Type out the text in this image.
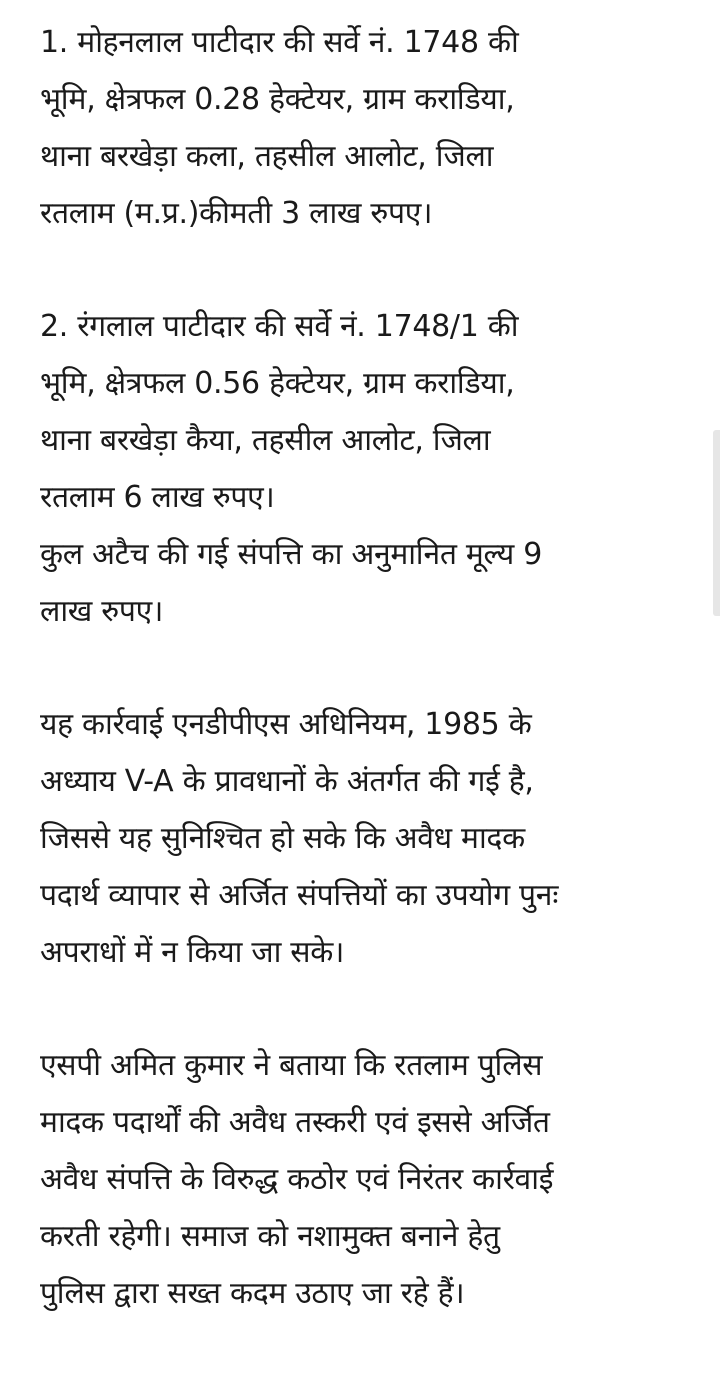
1. मोहनलाल पाटीदार की सर्वे नं. 1748 की
भूमि, क्षेत्रफल 0.28 हेक्टेयर, ग्राम कराडिया,
थाना बरखेड़ा कला, तहसील आलोट, जिला
रतलाम (म.प्र.)कीमती 3 लाख रुपए।
2. रंगलाल पाटीदार की सर्वे नं. 1748/1 की
भूमि, क्षेत्रफल 0.56 हेक्टेयर, ग्राम कराडिया,
थाना बरखेड़ा कैया, तहसील आलोट, जिला
रतलाम 6 लाख रुपए।
कुल अटैच की गई संपत्ति का अनुमानित मूल्य 9
लाख रुपए।
यह कार्रवाई एनडीपीएस अधिनियम, 1985 के
अध्याय V-A के प्रावधानों के अंतर्गत की गई है,
जिससे यह सुनिश्चित हो सके कि अवैध मादक
पदार्थ व्यापार से अर्जित संपत्तियों का उपयोग पुनः
अपराधों में न किया जा सके।
एसपी अमित कुमार ने बताया कि रतलाम पुलिस
मादक पदार्थों की अवैध तस्करी एवं इससे अर्जित
अवैध संपत्ति के विरुद्ध कठोर एवं निरंतर कार्रवाई
करती रहेगी। समाज को नशामुक्त बनाने हेतु
पुलिस द्वारा सख्त कदम उठाए जा रहे हैं।
